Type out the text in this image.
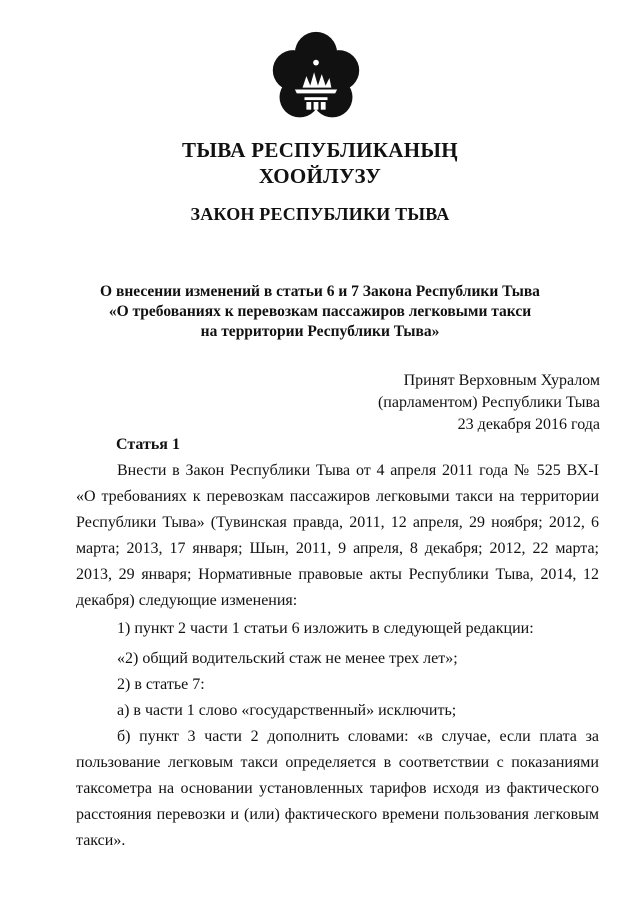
ТЫВА РЕСПУБЛИКАНЫҢ
ХООЙЛУЗУ
ЗАКОН РЕСПУБЛИКИ ТЫВА
О внесении изменений в статьи 6 и 7 Закона Республики Тыва
«О требованиях к перевозкам пассажиров легковыми такси
на территории Республики Тыва»
Принят Верховным Хуралом
(парламентом) Республики Тыва
23 декабря 2016 года
Статья 1
Внести в Закон Республики Тыва от 4 апреля 2011 года № 525 ВХ-I «О требованиях к перевозкам пассажиров легковыми такси на территории Республики Тыва» (Тувинская правда, 2011, 12 апреля, 29 ноября; 2012, 6 марта; 2013, 17 января; Шын, 2011, 9 апреля, 8 декабря; 2012, 22 марта; 2013, 29 января; Нормативные правовые акты Республики Тыва, 2014, 12 декабря) следующие изменения:
1) пункт 2 части 1 статьи 6 изложить в следующей редакции:
«2) общий водительский стаж не менее трех лет»;
2) в статье 7:
а) в части 1 слово «государственный» исключить;
б) пункт 3 части 2 дополнить словами: «в случае, если плата за пользование легковым такси определяется в соответствии с показаниями таксометра на основании установленных тарифов исходя из фактического расстояния перевозки и (или) фактического времени пользования легковым такси».
